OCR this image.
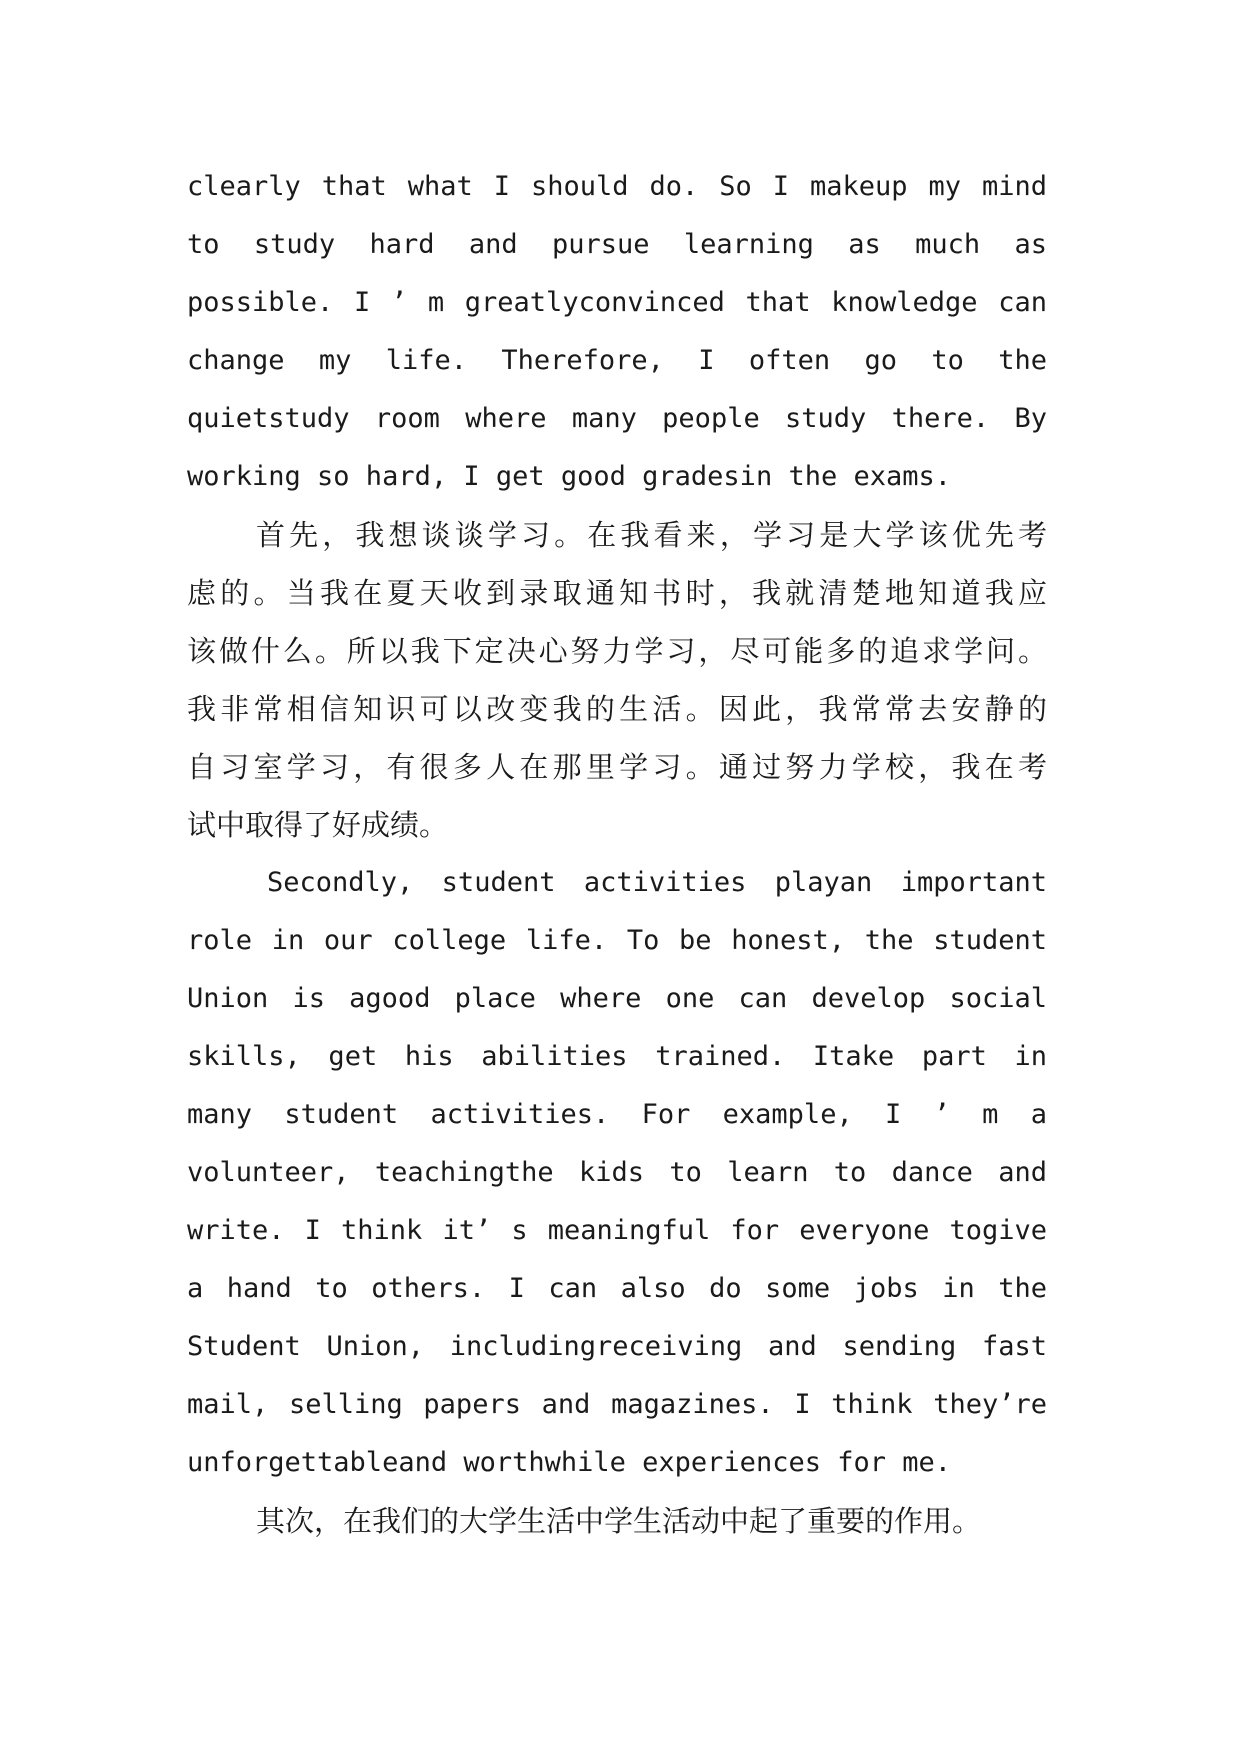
clearly that what I should do. So I makeup my mind
to study hard and pursue learning as much as
possible. I ’ m greatlyconvinced that knowledge can
change my life. Therefore, I often go to the
quietstudy room where many people study there. By
working so hard, I get good gradesin the exams.

首先，我想谈谈学习。在我看来，学习是大学该优先考
虑的。当我在夏天收到录取通知书时，我就清楚地知道我应
该做什么。所以我下定决心努力学习，尽可能多的追求学问。
我非常相信知识可以改变我的生活。因此，我常常去安静的
自习室学习，有很多人在那里学习。通过努力学校，我在考
试中取得了好成绩。

Secondly, student activities playan important
role in our college life. To be honest, the student
Union is agood place where one can develop social
skills, get his abilities trained. Itake part in
many student activities. For example, I ’ m a
volunteer, teachingthe kids to learn to dance and
write. I think it’ s meaningful for everyone togive
a hand to others. I can also do some jobs in the
Student Union, includingreceiving and sending fast
mail, selling papers and magazines. I think they’re
unforgettableand worthwhile experiences for me.

其次，在我们的大学生活中学生活动中起了重要的作用。
